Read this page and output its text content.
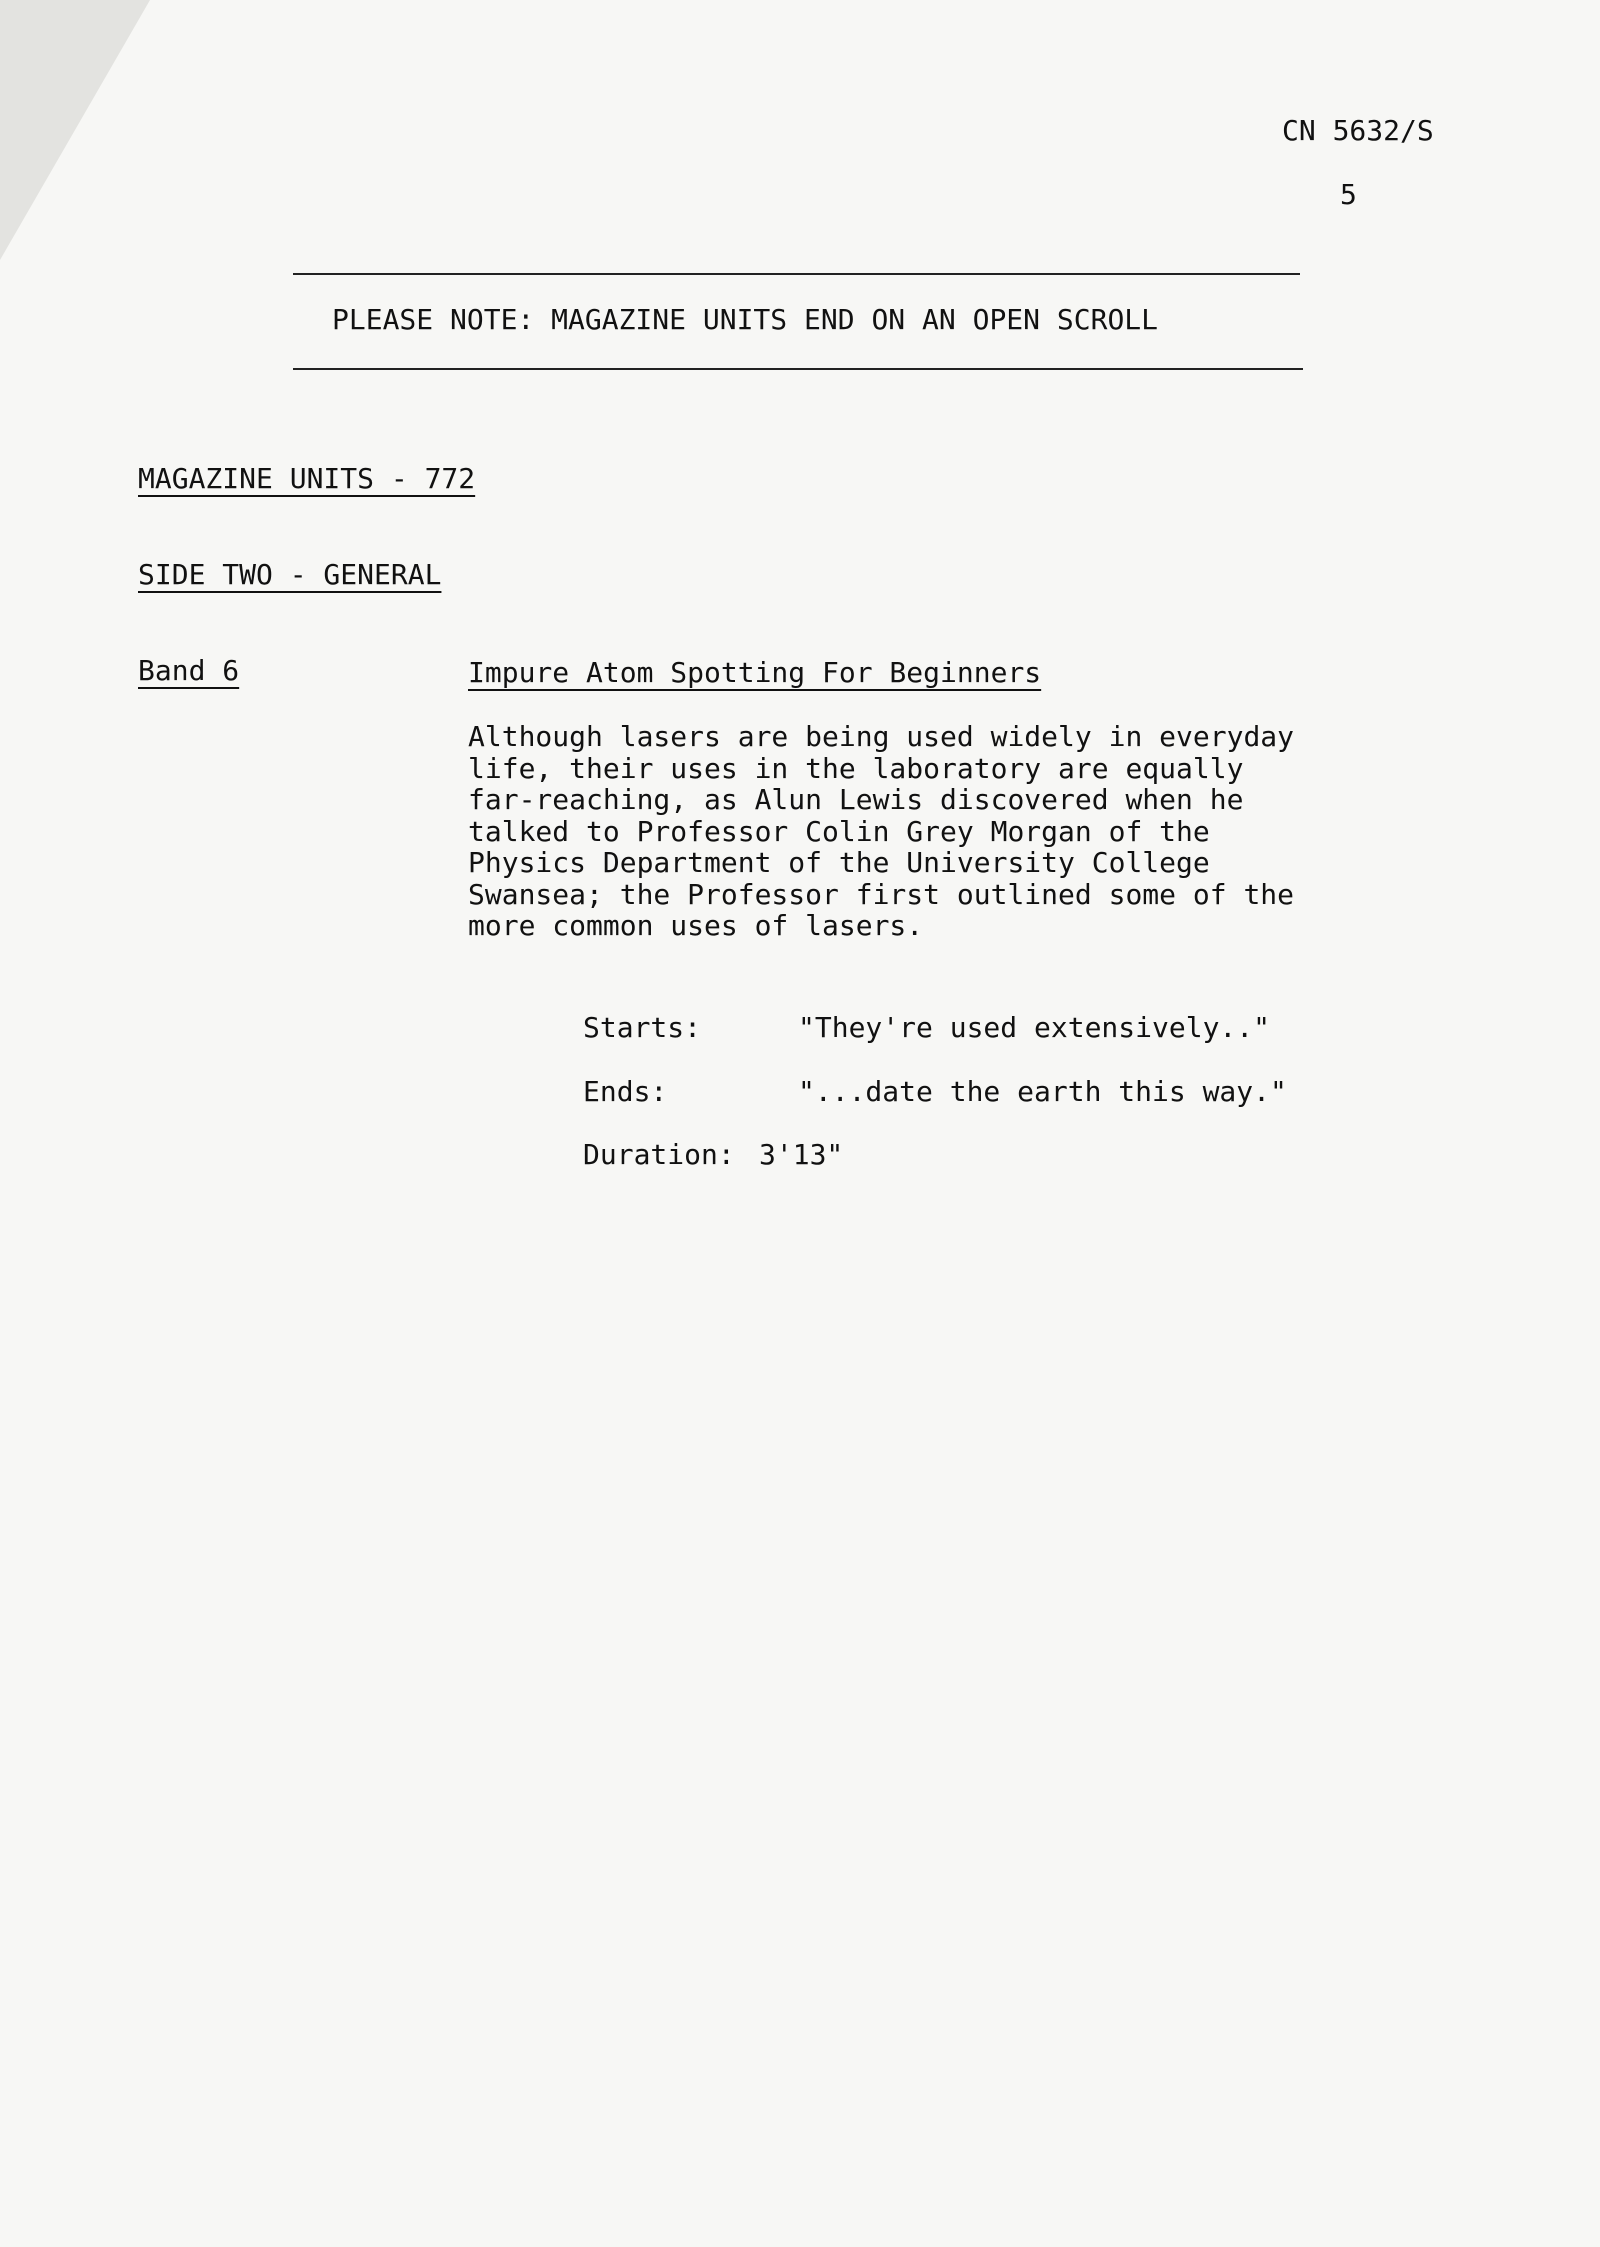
CN 5632/S
5
PLEASE NOTE: MAGAZINE UNITS END ON AN OPEN SCROLL
MAGAZINE UNITS - 772
SIDE TWO - GENERAL
Band 6	Impure Atom Spotting For Beginners
Although lasers are being used widely in everyday
life, their uses in the laboratory are equally
far-reaching, as Alun Lewis discovered when he
talked to Professor Colin Grey Morgan of the
Physics Department of the University College
Swansea; the Professor first outlined some of the
more common uses of lasers.
Starts:	"They're used extensively.."
Ends:	"...date the earth this way."
Duration: 3'13"
